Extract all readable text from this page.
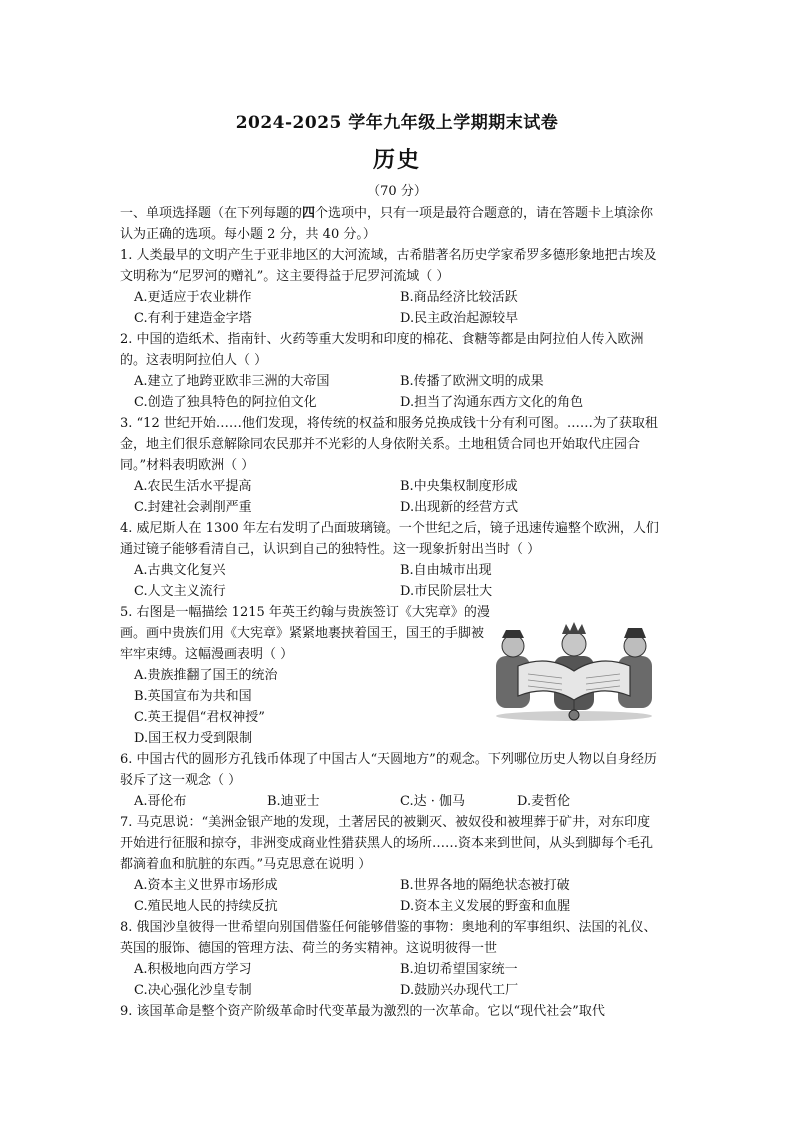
2024-2025 学年九年级上学期期末试卷
历史
（70 分）
一、单项选择题（在下列每题的四个选项中，只有一项是最符合题意的，请在答题卡上填涂你认为正确的选项。每小题 2 分，共 40 分。）

1. 人类最早的文明产生于亚非地区的大河流域，古希腊著名历史学家希罗多德形象地把古埃及文明称为“尼罗河的赠礼”。这主要得益于尼罗河流域（ ）

A.更适应于农业耕作	B.商品经济比较活跃
C.有利于建造金字塔	D.民主政治起源较早

2. 中国的造纸术、指南针、火药等重大发明和印度的棉花、食糖等都是由阿拉伯人传入欧洲的。这表明阿拉伯人（ ）

A.建立了地跨亚欧非三洲的大帝国	B.传播了欧洲文明的成果
C.创造了独具特色的阿拉伯文化	D.担当了沟通东西方文化的角色

3. “12 世纪开始……他们发现，将传统的权益和服务兑换成钱十分有利可图。……为了获取租金，地主们很乐意解除同农民那并不光彩的人身依附关系。土地租赁合同也开始取代庄园合同。”材料表明欧洲（ ）

A.农民生活水平提高	B.中央集权制度形成
C.封建社会剥削严重	D.出现新的经营方式

4. 威尼斯人在 1300 年左右发明了凸面玻璃镜。一个世纪之后，镜子迅速传遍整个欧洲，人们通过镜子能够看清自己，认识到自己的独特性。这一现象折射出当时（ ）

A.古典文化复兴	B.自由城市出现
C.人文主义流行	D.市民阶层壮大

5. 右图是一幅描绘 1215 年英王约翰与贵族签订《大宪章》的漫画。画中贵族们用《大宪章》紧紧地裹挟着国王，国王的手脚被牢牢束缚。这幅漫画表明（ ）

A.贵族推翻了国王的统治
B.英国宣布为共和国
C.英王提倡“君权神授”
D.国王权力受到限制

6. 中国古代的圆形方孔钱币体现了中国古人“天圆地方”的观念。下列哪位历史人物以自身经历驳斥了这一观念（ ）

A.哥伦布	B.迪亚士	C.达 · 伽马	D.麦哲伦

7. 马克思说：“美洲金银产地的发现，土著居民的被剿灭、被奴役和被埋葬于矿井，对东印度开始进行征服和掠夺，非洲变成商业性猎获黑人的场所……资本来到世间，从头到脚每个毛孔都滴着血和肮脏的东西。”马克思意在说明 ）

A.资本主义世界市场形成	B.世界各地的隔绝状态被打破
C.殖民地人民的持续反抗	D.资本主义发展的野蛮和血腥

8. 俄国沙皇彼得一世希望向别国借鉴任何能够借鉴的事物：奥地利的军事组织、法国的礼仪、英国的服饰、德国的管理方法、荷兰的务实精神。这说明彼得一世

A.积极地向西方学习	B.迫切希望国家统一
C.决心强化沙皇专制	D.鼓励兴办现代工厂

9. 该国革命是整个资产阶级革命时代变革最为激烈的一次革命。它以“现代社会”取代
